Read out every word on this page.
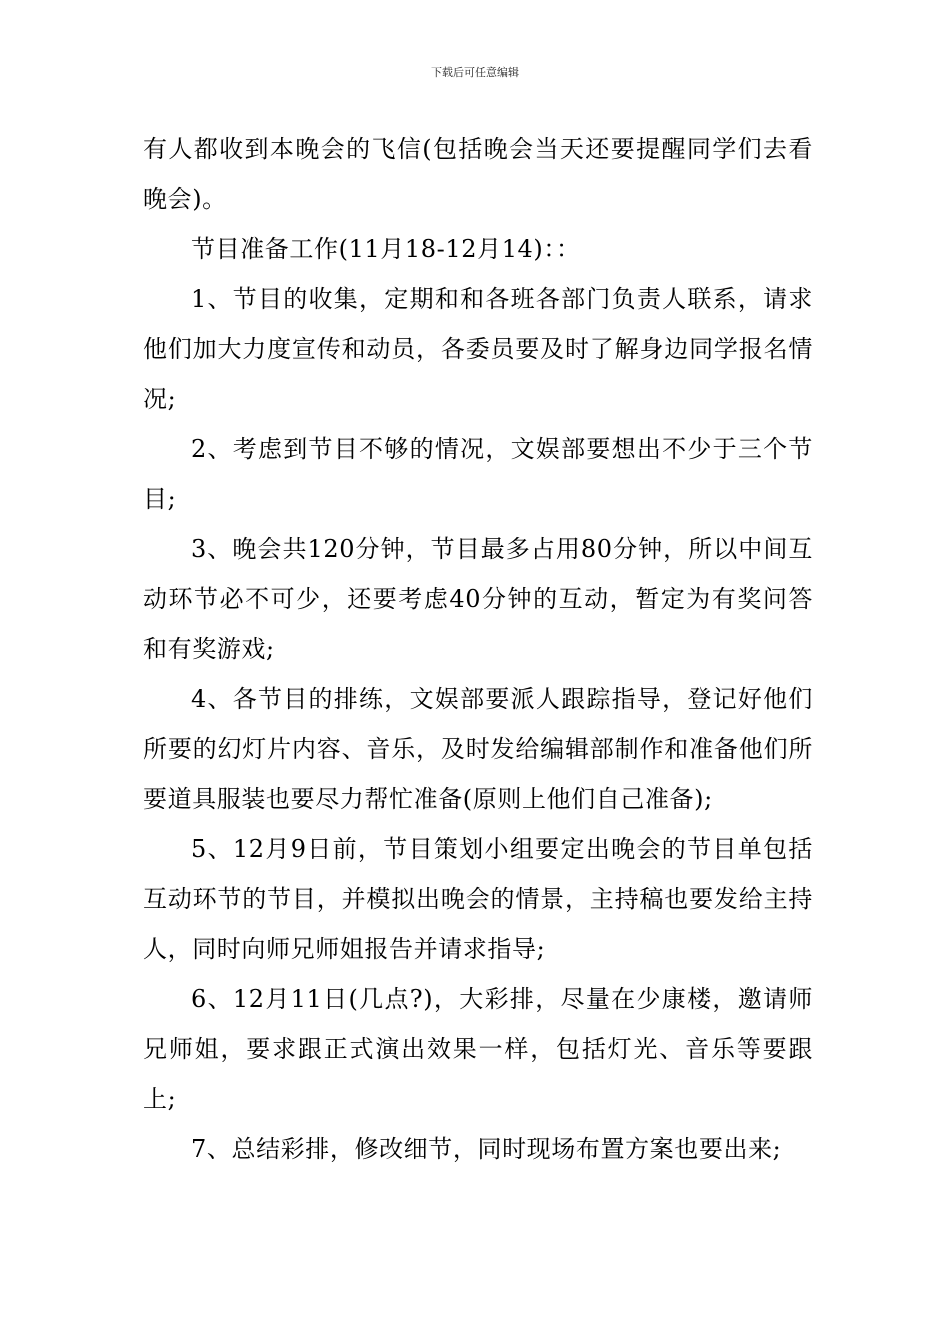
下载后可任意编辑

有人都收到本晚会的飞信(包括晚会当天还要提醒同学们去看晚会)。

节目准备工作(11月18-12月14)：：

1、节目的收集，定期和和各班各部门负责人联系，请求他们加大力度宣传和动员，各委员要及时了解身边同学报名情况;

2、考虑到节目不够的情况，文娱部要想出不少于三个节目;

3、晚会共120分钟，节目最多占用80分钟，所以中间互动环节必不可少，还要考虑40分钟的互动，暂定为有奖问答和有奖游戏;

4、各节目的排练，文娱部要派人跟踪指导，登记好他们所要的幻灯片内容、音乐，及时发给编辑部制作和准备他们所要道具服装也要尽力帮忙准备(原则上他们自己准备);

5、12月9日前，节目策划小组要定出晚会的节目单包括互动环节的节目，并模拟出晚会的情景，主持稿也要发给主持人，同时向师兄师姐报告并请求指导;

6、12月11日(几点?)，大彩排，尽量在少康楼，邀请师兄师姐，要求跟正式演出效果一样，包括灯光、音乐等要跟上;

7、总结彩排，修改细节，同时现场布置方案也要出来;
